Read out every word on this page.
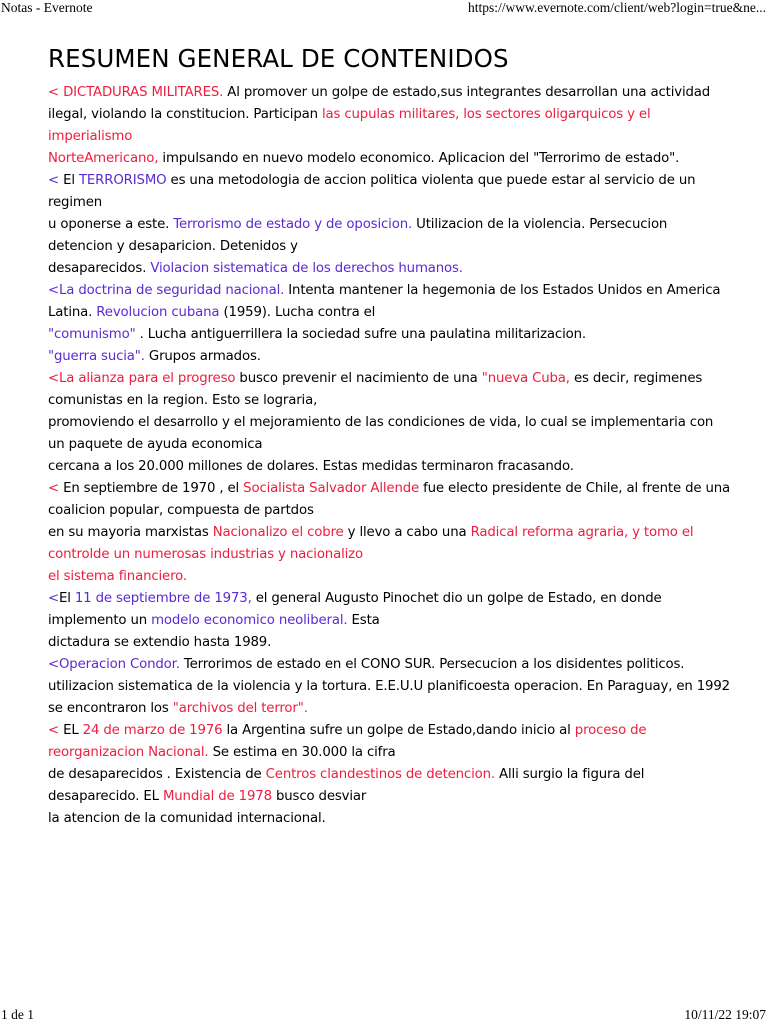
Notas - Evernote	https://www.evernote.com/client/web?login=true&ne...
RESUMEN GENERAL DE CONTENIDOS
< DICTADURAS MILITARES. Al promover un golpe de estado,sus integrantes desarrollan una actividad
ilegal, violando la constitucion. Participan las cupulas militares, los sectores oligarquicos y el
imperialismo
NorteAmericano, impulsando en nuevo modelo economico. Aplicacion del "Terrorimo de estado".
< El TERRORISMO es una metodologia de accion politica violenta que puede estar al servicio de un
regimen
u oponerse a este. Terrorismo de estado y de oposicion. Utilizacion de la violencia. Persecucion
detencion y desaparicion. Detenidos y
desaparecidos. Violacion sistematica de los derechos humanos.
<La doctrina de seguridad nacional. Intenta mantener la hegemonia de los Estados Unidos en America
Latina. Revolucion cubana (1959). Lucha contra el
"comunismo" . Lucha antiguerrillera la sociedad sufre una paulatina militarizacion.
"guerra sucia". Grupos armados.
<La alianza para el progreso busco prevenir el nacimiento de una "nueva Cuba, es decir, regimenes
comunistas en la region. Esto se lograria,
promoviendo el desarrollo y el mejoramiento de las condiciones de vida, lo cual se implementaria con
un paquete de ayuda economica
cercana a los 20.000 millones de dolares. Estas medidas terminaron fracasando.
< En septiembre de 1970 , el Socialista Salvador Allende fue electo presidente de Chile, al frente de una
coalicion popular, compuesta de partdos
en su mayoria marxistas Nacionalizo el cobre y llevo a cabo una Radical reforma agraria, y tomo el
controlde un numerosas industrias y nacionalizo
el sistema financiero.
<El 11 de septiembre de 1973, el general Augusto Pinochet dio un golpe de Estado, en donde
implemento un modelo economico neoliberal. Esta
dictadura se extendio hasta 1989.
<Operacion Condor. Terrorimos de estado en el CONO SUR. Persecucion a los disidentes politicos.
utilizacion sistematica de la violencia y la tortura. E.E.U.U planificoesta operacion. En Paraguay, en 1992
se encontraron los "archivos del terror".
< EL 24 de marzo de 1976 la Argentina sufre un golpe de Estado,dando inicio al proceso de
reorganizacion Nacional. Se estima en 30.000 la cifra
de desaparecidos . Existencia de Centros clandestinos de detencion. Alli surgio la figura del
desaparecido. EL Mundial de 1978 busco desviar
la atencion de la comunidad internacional.
1 de 1	10/11/22 19:07
